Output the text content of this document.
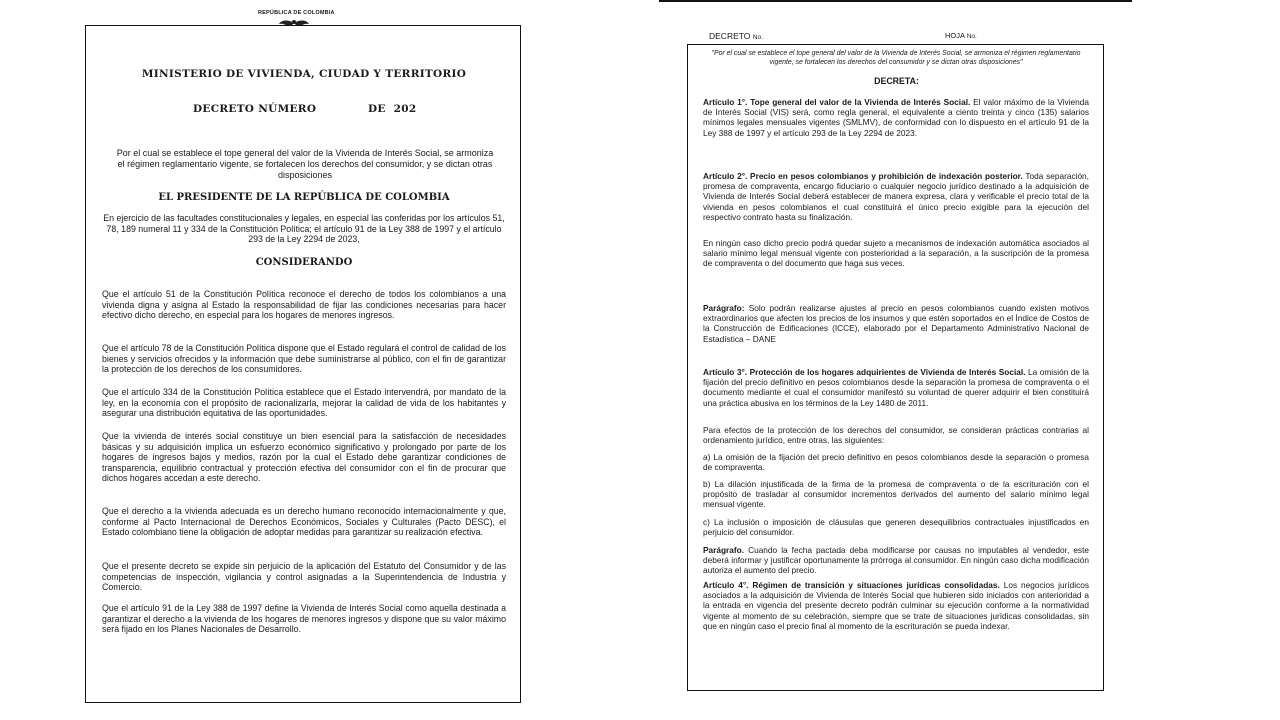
REPÚBLICA DE COLOMBIA
MINISTERIO DE VIVIENDA, CIUDAD Y TERRITORIO
DECRETO NÚMERO	DE  202
Por el cual se establece el tope general del valor de la Vivienda de Interés Social, se armoniza el régimen reglamentario vigente, se fortalecen los derechos del consumidor, y se dictan otras disposiciones
EL PRESIDENTE DE LA REPÚBLICA DE COLOMBIA
En ejercicio de las facultades constitucionales y legales, en especial las conferidas por los artículos 51, 78, 189 numeral 11 y 334 de la Constitución Política; el artículo 91 de la Ley 388 de 1997 y el artículo 293 de la Ley 2294 de 2023,
CONSIDERANDO

Que el artículo 51 de la Constitución Política reconoce el derecho de todos los colombianos a una vivienda digna y asigna al Estado la responsabilidad de fijar las condiciones necesarias para hacer efectivo dicho derecho, en especial para los hogares de menores ingresos.

Que el artículo 78 de la Constitución Política dispone que el Estado regulará el control de calidad de los bienes y servicios ofrecidos y la información que debe suministrarse al público, con el fin de garantizar la protección de los derechos de los consumidores.

Que el artículo 334 de la Constitución Política establece que el Estado intervendrá, por mandato de la ley, en la economía con el propósito de racionalizarla, mejorar la calidad de vida de los habitantes y asegurar una distribución equitativa de las oportunidades.

Que la vivienda de interés social constituye un bien esencial para la satisfacción de necesidades básicas y su adquisición implica un esfuerzo económico significativo y prolongado por parte de los hogares de ingresos bajos y medios, razón por la cual el Estado debe garantizar condiciones de transparencia, equilibrio contractual y protección efectiva del consumidor con el fin de procurar que dichos hogares accedan a este derecho.

Que el derecho a la vivienda adecuada es un derecho humano reconocido internacionalmente y que, conforme al Pacto Internacional de Derechos Económicos, Sociales y Culturales (Pacto DESC), el Estado colombiano tiene la obligación de adoptar medidas para garantizar su realización efectiva.

Que el presente decreto se expide sin perjuicio de la aplicación del Estatuto del Consumidor y de las competencias de inspección, vigilancia y control asignadas a la Superintendencia de Industria y Comercio.

Que el artículo 91 de la Ley 388 de 1997 define la Vivienda de Interés Social como aquella destinada a garantizar el derecho a la vivienda de los hogares de menores ingresos y dispone que su valor máximo será fijado en los Planes Nacionales de Desarrollo.

DECRETO No.	HOJA No.
"Por el cual se establece el tope general del valor de la Vivienda de Interés Social, se armoniza el régimen reglamentario vigente, se fortalecen los derechos del consumidor y se dictan otras disposiciones"
DECRETA:

Artículo 1°. Tope general del valor de la Vivienda de Interés Social. El valor máximo de la Vivienda de Interés Social (VIS) será, como regla general, el equivalente a ciento treinta y cinco (135) salarios mínimos legales mensuales vigentes (SMLMV), de conformidad con lo dispuesto en el artículo 91 de la Ley 388 de 1997 y el artículo 293 de la Ley 2294 de 2023.

Artículo 2°. Precio en pesos colombianos y prohibición de indexación posterior. Toda separación, promesa de compraventa, encargo fiduciario o cualquier negocio jurídico destinado a la adquisición de Vivienda de Interés Social deberá establecer de manera expresa, clara y verificable el precio total de la vivienda en pesos colombianos el cual constituirá el único precio exigible para la ejecución del respectivo contrato hasta su finalización.

En ningún caso dicho precio podrá quedar sujeto a mecanismos de indexación automática asociados al salario mínimo legal mensual vigente con posterioridad a la separación, a la suscripción de la promesa de compraventa o del documento que haga sus veces.

Parágrafo: Solo podrán realizarse ajustes al precio en pesos colombianos cuando existen motivos extraordinarios que afecten los precios de los insumos y que estén soportados en el Índice de Costos de la Construcción de Edificaciones (ICCE), elaborado por el Departamento Administrativo Nacional de Estadística – DANE

Artículo 3°. Protección de los hogares adquirientes de Vivienda de Interés Social. La omisión de la fijación del precio definitivo en pesos colombianos desde la separación la promesa de compraventa o el documento mediante el cual el consumidor manifestó su voluntad de querer adquirir el bien constituirá una práctica abusiva en los términos de la Ley 1480 de 2011.

Para efectos de la protección de los derechos del consumidor, se consideran prácticas contrarias al ordenamiento jurídico, entre otras, las siguientes:

a) La omisión de la fijación del precio definitivo en pesos colombianos desde la separación o promesa de compraventa.

b) La dilación injustificada de la firma de la promesa de compraventa o de la escrituración con el propósito de trasladar al consumidor incrementos derivados del aumento del salario mínimo legal mensual vigente.

c) La inclusión o imposición de cláusulas que generen desequilibrios contractuales injustificados en perjuicio del consumidor.

Parágrafo. Cuando la fecha pactada deba modificarse por causas no imputables al vendedor, este deberá informar y justificar oportunamente la prórroga al consumidor. En ningún caso dicha modificación autoriza el aumento del precio.

Artículo 4°. Régimen de transición y situaciones jurídicas consolidadas. Los negocios jurídicos asociados a la adquisición de Vivienda de Interés Social que hubieren sido iniciados con anterioridad a la entrada en vigencia del presente decreto podrán culminar su ejecución conforme a la normatividad vigente al momento de su celebración, siempre que se trate de situaciones jurídicas consolidadas, sin que en ningún caso el precio final al momento de la escrituración se pueda indexar.
